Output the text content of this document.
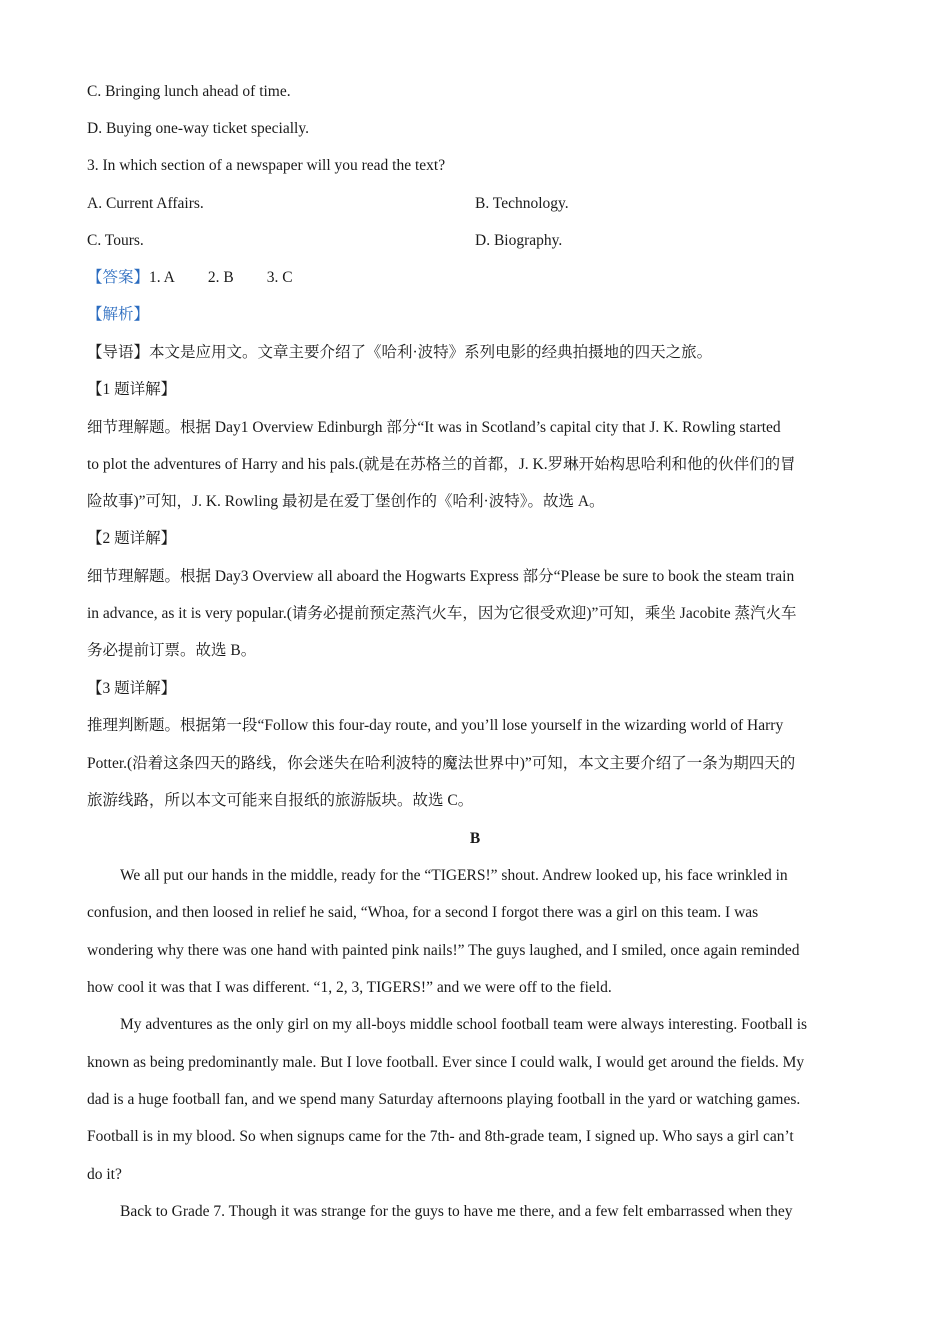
C. Bringing lunch ahead of time.
D. Buying one-way ticket specially.
3. In which section of a newspaper will you read the text?
A. Current Affairs.	B. Technology.
C. Tours.	D. Biography.
【答案】1. A 2. B 3. C
【解析】
【导语】本文是应用文。文章主要介绍了《哈利·波特》系列电影的经典拍摄地的四天之旅。
【1 题详解】
细节理解题。根据 Day1 Overview Edinburgh 部分“It was in Scotland’s capital city that J. K. Rowling started
to plot the adventures of Harry and his pals.(就是在苏格兰的首都，J. K.罗琳开始构思哈利和他的伙伴们的冒
险故事)”可知，J. K. Rowling 最初是在爱丁堡创作的《哈利·波特》。故选 A。
【2 题详解】
细节理解题。根据 Day3 Overview all aboard the Hogwarts Express 部分“Please be sure to book the steam train
in advance, as it is very popular.(请务必提前预定蒸汽火车，因为它很受欢迎)”可知，乘坐 Jacobite 蒸汽火车
务必提前订票。故选 B。
【3 题详解】
推理判断题。根据第一段“Follow this four-day route, and you’ll lose yourself in the wizarding world of Harry
Potter.(沿着这条四天的路线，你会迷失在哈利波特的魔法世界中)”可知，本文主要介绍了一条为期四天的
旅游线路，所以本文可能来自报纸的旅游版块。故选 C。
B
We all put our hands in the middle, ready for the “TIGERS!” shout. Andrew looked up, his face wrinkled in
confusion, and then loosed in relief he said, “Whoa, for a second I forgot there was a girl on this team. I was
wondering why there was one hand with painted pink nails!” The guys laughed, and I smiled, once again reminded
how cool it was that I was different. “1, 2, 3, TIGERS!” and we were off to the field.
My adventures as the only girl on my all-boys middle school football team were always interesting. Football is
known as being predominantly male. But I love football. Ever since I could walk, I would get around the fields. My
dad is a huge football fan, and we spend many Saturday afternoons playing football in the yard or watching games.
Football is in my blood. So when signups came for the 7th- and 8th-grade team, I signed up. Who says a girl can’t
do it?
Back to Grade 7. Though it was strange for the guys to have me there, and a few felt embarrassed when they
